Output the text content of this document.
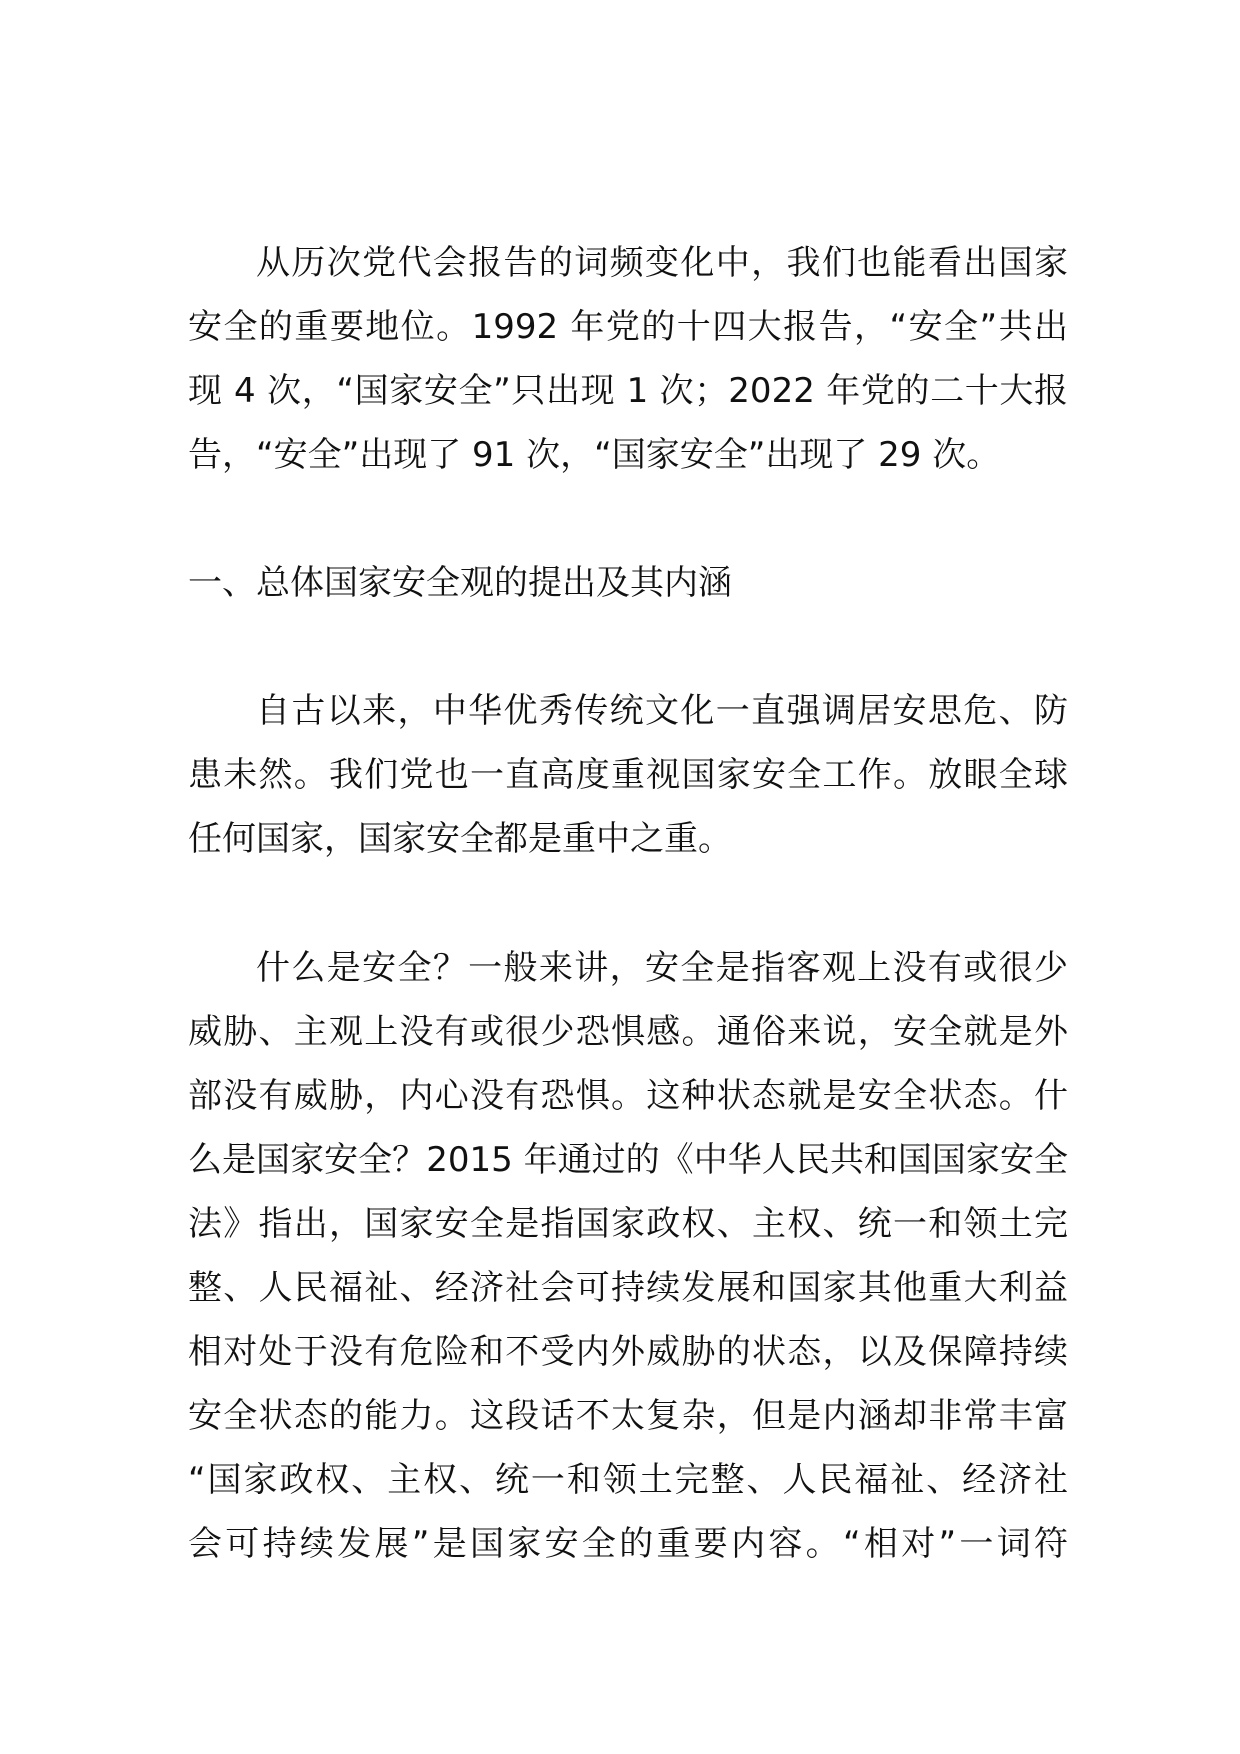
从历次党代会报告的词频变化中，我们也能看出国家
安全的重要地位。1992 年党的十四大报告，“安全”共出
现 4 次，“国家安全”只出现 1 次；2022 年党的二十大报
告，“安全”出现了 91 次，“国家安全”出现了 29 次。
一、总体国家安全观的提出及其内涵
自古以来，中华优秀传统文化一直强调居安思危、防
患未然。我们党也一直高度重视国家安全工作。放眼全球
任何国家，国家安全都是重中之重。
什么是安全？一般来讲，安全是指客观上没有或很少
威胁、主观上没有或很少恐惧感。通俗来说，安全就是外
部没有威胁，内心没有恐惧。这种状态就是安全状态。什
么是国家安全？2015 年通过的《中华人民共和国国家安全
法》指出，国家安全是指国家政权、主权、统一和领土完
整、人民福祉、经济社会可持续发展和国家其他重大利益
相对处于没有危险和不受内外威胁的状态，以及保障持续
安全状态的能力。这段话不太复杂，但是内涵却非常丰富
“国家政权、主权、统一和领土完整、人民福祉、经济社
会可持续发展”是国家安全的重要内容。“相对”一词符
